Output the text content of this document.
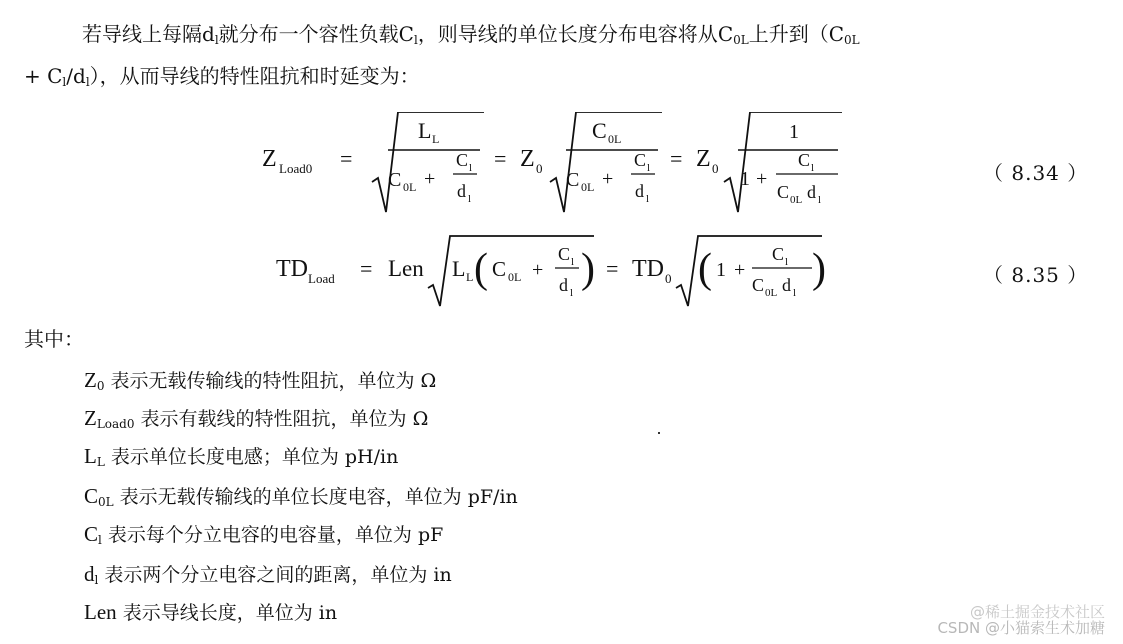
若导线上每隔$d_l$就分布一个容性负载$C_l$，则导线的单位长度分布电容将从$C_{0L}$上升到（$C_{0L}$
+ $C_l/d_l$），从而导线的特性阻抗和时延变为：
Z Load0 =
L L
C 0L +
C l
d l
= Z 0
C 0L
C 0L +
C l
d l
= Z 0
1
1 +
C l
C 0L d l
（ 8.34 ）
TD Load = Len L L ( C 0L +
C l
d l
) = TD 0 ( 1 +
C l
C 0L d l
)	（ 8.35 ）
其中：
$Z_0$ 表示无载传输线的特性阻抗，单位为 Ω
$Z_{Load0}$ 表示有载线的特性阻抗，单位为 Ω
$L_L$ 表示单位长度电感；单位为 pH/in
$C_{0L}$ 表示无载传输线的单位长度电容，单位为 pF/in
$C_l$ 表示每个分立电容的电容量，单位为 pF
$d_l$ 表示两个分立电容之间的距离，单位为 in
Len 表示导线长度，单位为 in	@稀土掘金技术社区
CSDN @小猫索生术加糖
